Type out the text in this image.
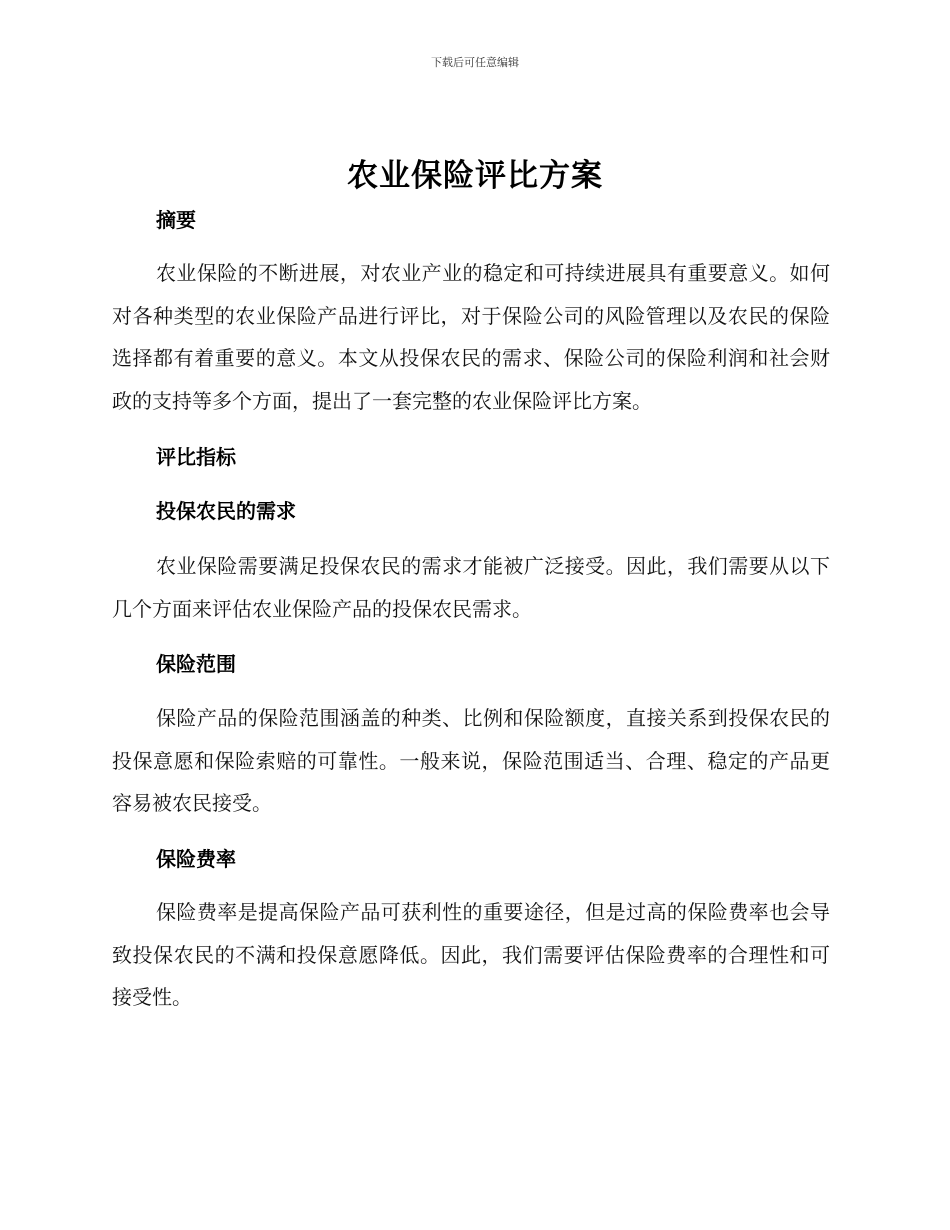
下载后可任意编辑
农业保险评比方案
摘要

农业保险的不断进展，对农业产业的稳定和可持续进展具有重要意义。如何对各种类型的农业保险产品进行评比，对于保险公司的风险管理以及农民的保险选择都有着重要的意义。本文从投保农民的需求、保险公司的保险利润和社会财政的支持等多个方面，提出了一套完整的农业保险评比方案。

评比指标
投保农民的需求

农业保险需要满足投保农民的需求才能被广泛接受。因此，我们需要从以下几个方面来评估农业保险产品的投保农民需求。

保险范围

保险产品的保险范围涵盖的种类、比例和保险额度，直接关系到投保农民的投保意愿和保险索赔的可靠性。一般来说，保险范围适当、合理、稳定的产品更容易被农民接受。

保险费率

保险费率是提高保险产品可获利性的重要途径，但是过高的保险费率也会导致投保农民的不满和投保意愿降低。因此，我们需要评估保险费率的合理性和可接受性。
